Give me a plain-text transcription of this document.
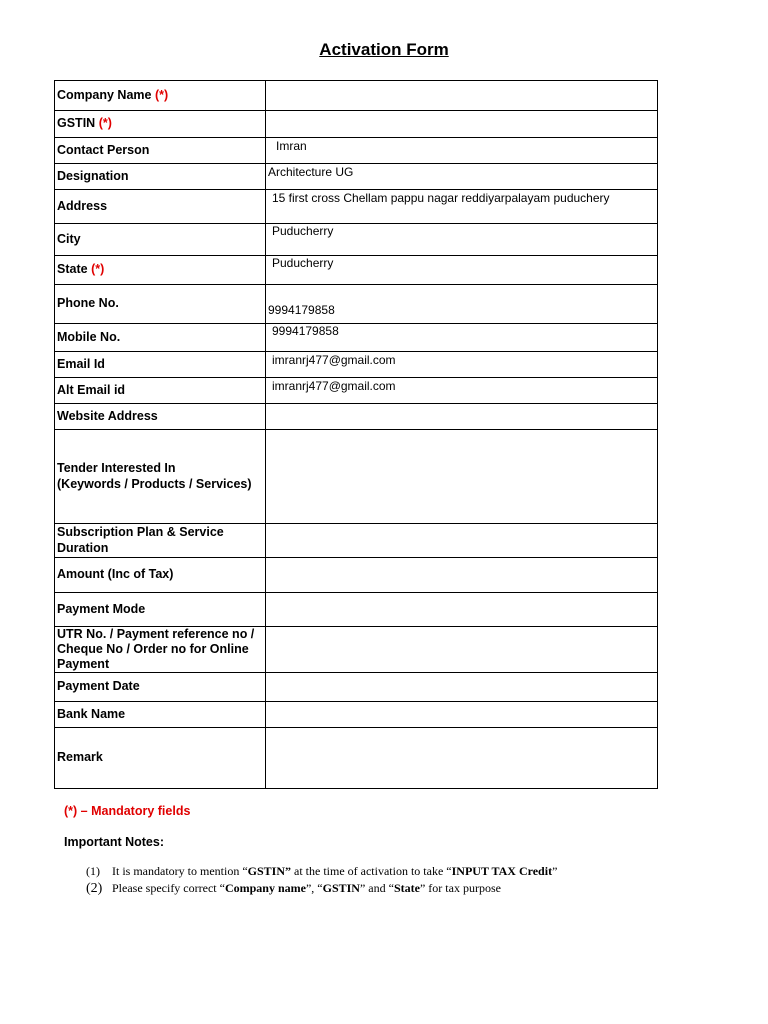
Activation Form
Company Name (*)	

GSTIN (*)	

Contact Person	Imran

Designation	Architecture UG

Address	15 first cross Chellam pappu nagar reddiyarpalayam puduchery

City	Puducherry

State (*)	Puducherry

Phone No.	9994179858

Mobile No.	9994179858

Email Id	imranrj477@gmail.com

Alt Email id	imranrj477@gmail.com

Website Address	

Tender Interested In
(Keywords / Products / Services)	

Subscription Plan & Service Duration	

Amount (Inc of Tax)	

Payment Mode	

UTR No. / Payment reference no / Cheque No / Order no for Online Payment	

Payment Date	

Bank Name	

Remark	
(*) – Mandatory fields
Important Notes:
(1) It is mandatory to mention “GSTIN” at the time of activation to take “INPUT TAX Credit”
(2) Please specify correct “Company name”, “GSTIN” and “State” for tax purpose
